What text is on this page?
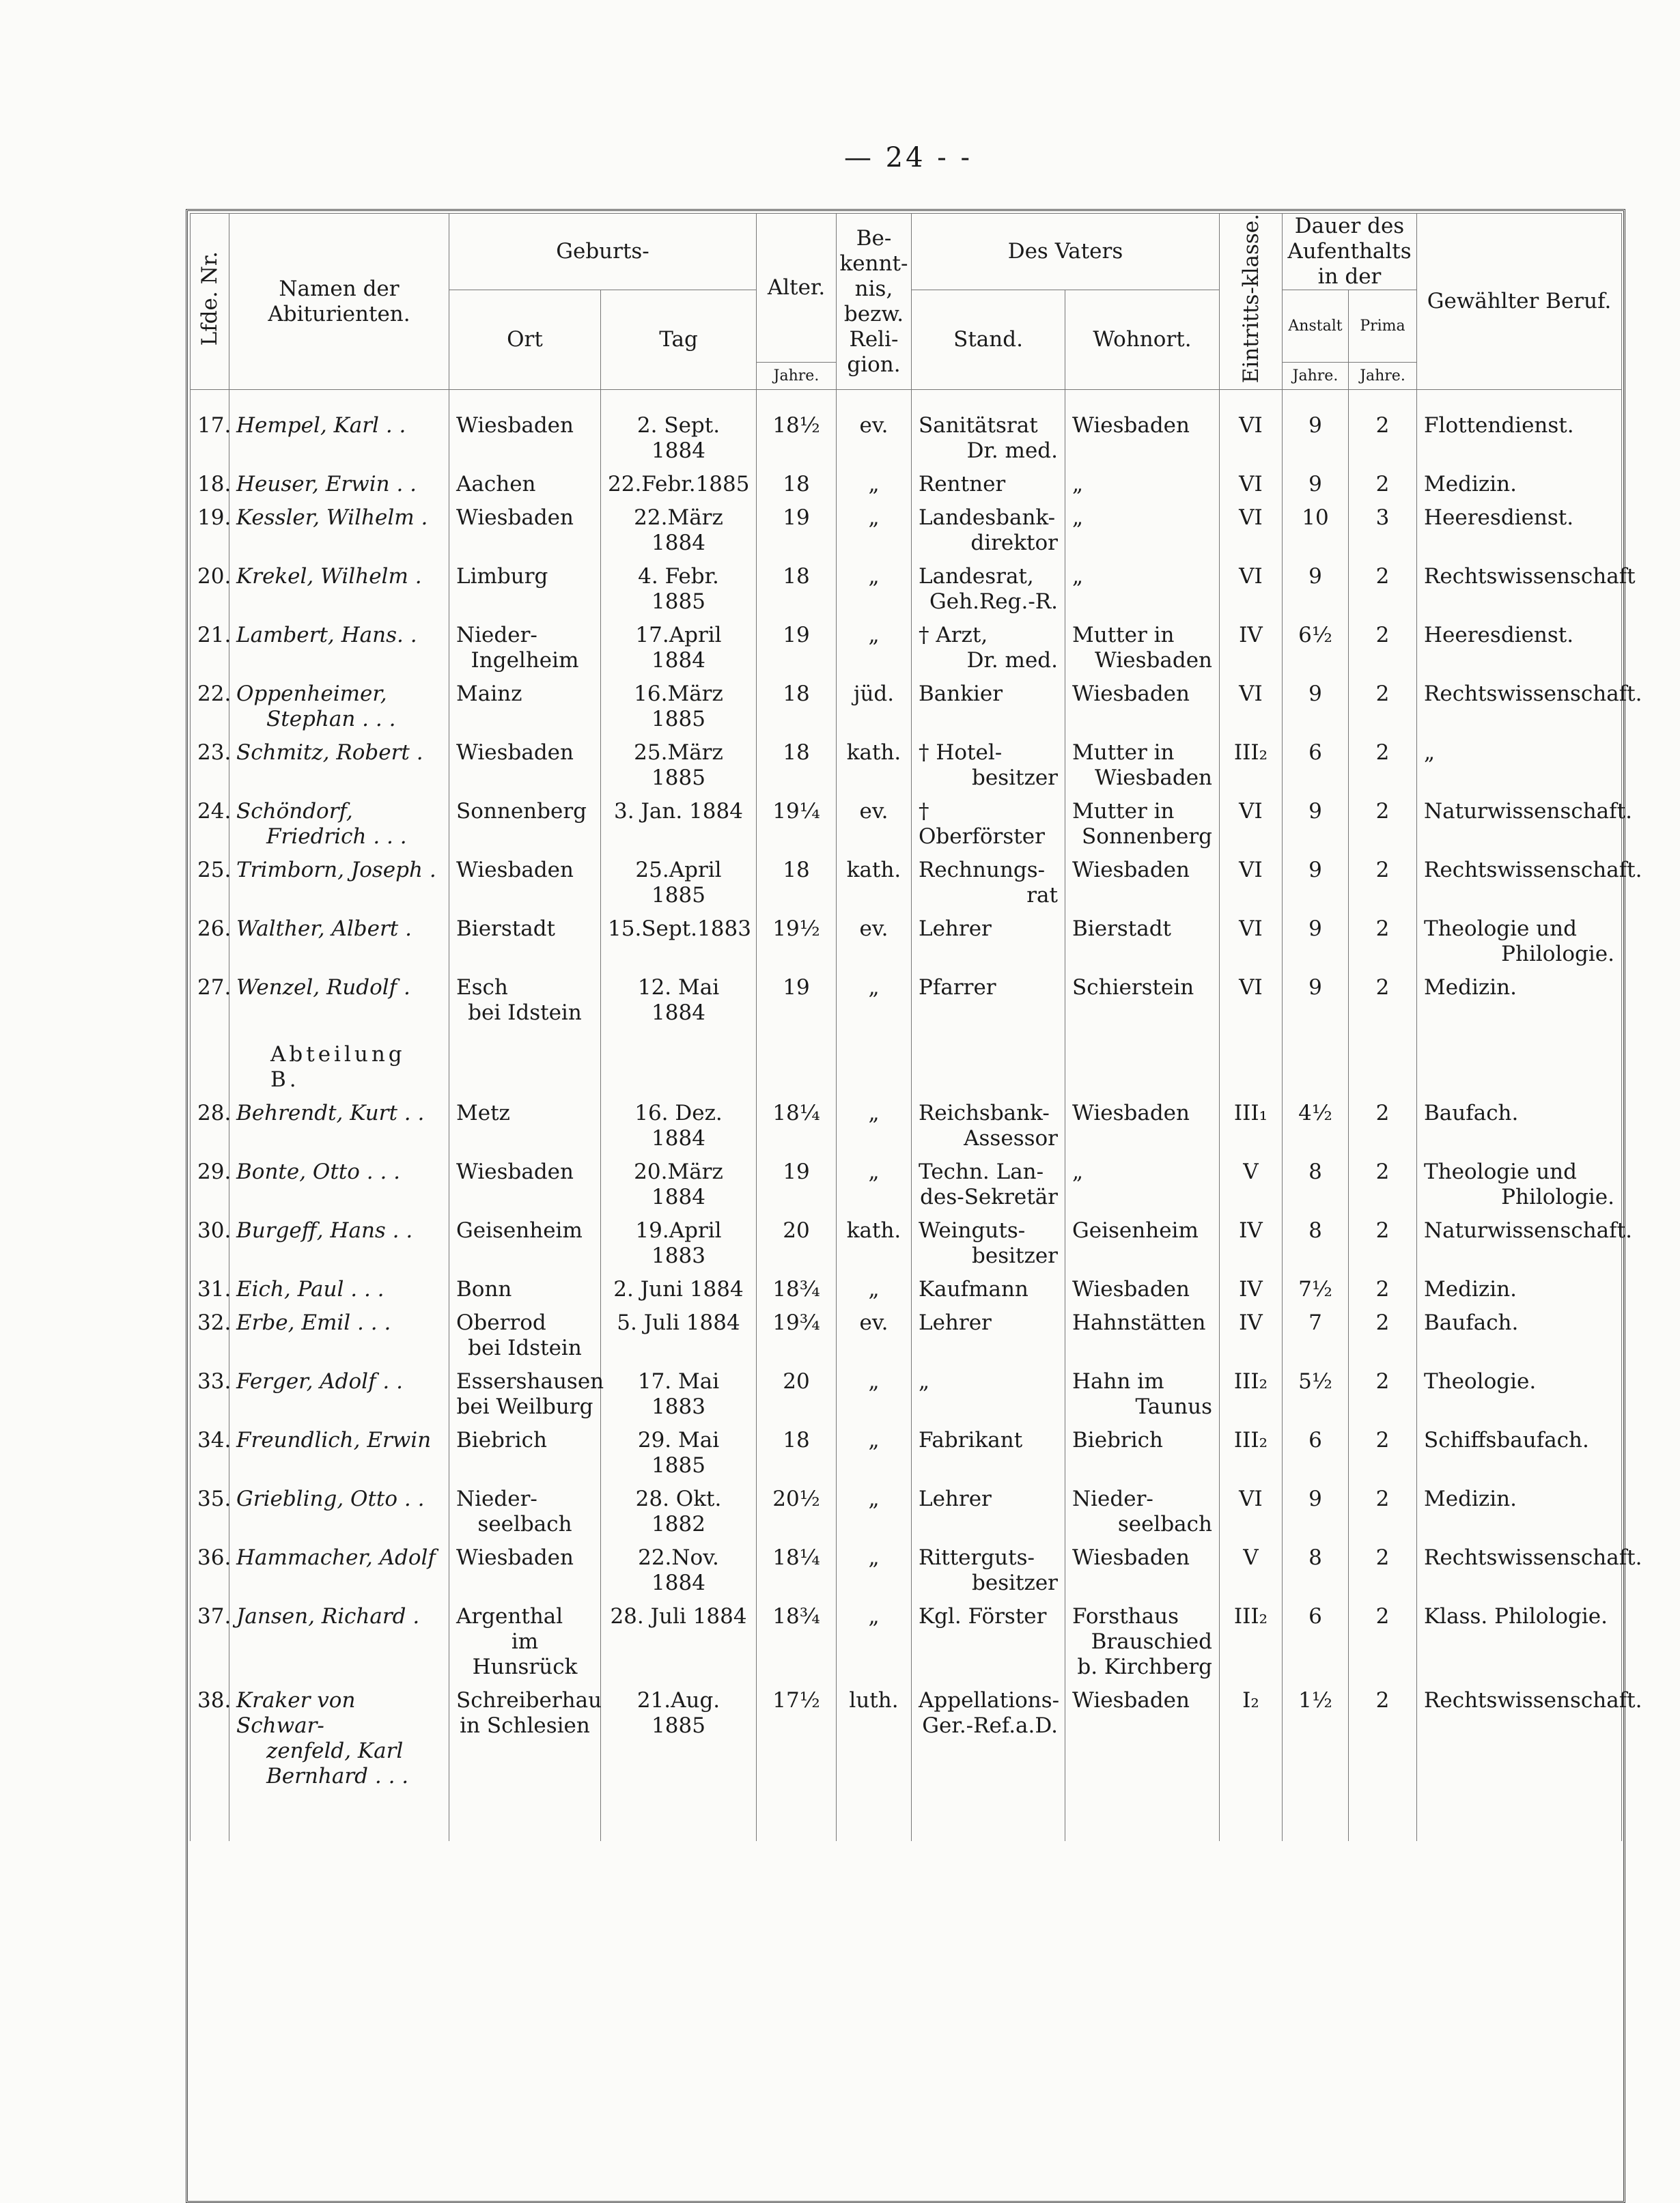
— 24 - -
Lfde. Nr.	Namen der Abiturienten.	Geburts-		Alter.	Be-kennt-nis, bezw. Reli-gion.	Des Vaters		Eintritts-klasse.	Dauer des Aufenthalts in der		Gewählter Beruf.
		Ort	Tag			Stand.	Wohnort.		Anstalt	Prima	
				Jahre.					Jahre.	Jahre.	

17.	Hempel, Karl . .	Wiesbaden	2. Sept. 1884	18½	ev.	Sanitätsrat
Dr. med.	Wiesbaden	VI	9	2	Flottendienst.

18.	Heuser, Erwin . .	Aachen	22.Febr.1885	18	„	Rentner	„	VI	9	2	Medizin.

19.	Kessler, Wilhelm .	Wiesbaden	22.März 1884	19	„	Landesbank-
direktor	„	VI	10	3	Heeresdienst.

20.	Krekel, Wilhelm .	Limburg	4. Febr. 1885	18	„	Landesrat,
Geh.Reg.-R.	„	VI	9	2	Rechtswissenschaft

21.	Lambert, Hans. .	Nieder-
Ingelheim	17.April 1884	19	„	† Arzt,
Dr. med.	Mutter in
Wiesbaden	IV	6½	2	Heeresdienst.

22.	Oppenheimer,
Stephan . . .	Mainz	16.März 1885	18	jüd.	Bankier	Wiesbaden	VI	9	2	Rechtswissenschaft.

23.	Schmitz, Robert .	Wiesbaden	25.März 1885	18	kath.	† Hotel-
besitzer	Mutter in
Wiesbaden	III₂	6	2	„

24.	Schöndorf,
Friedrich . . .	Sonnenberg	3. Jan. 1884	19¼	ev.	† Oberförster	Mutter in
Sonnenberg	VI	9	2	Naturwissenschaft.

25.	Trimborn, Joseph .	Wiesbaden	25.April 1885	18	kath.	Rechnungs-
rat	Wiesbaden	VI	9	2	Rechtswissenschaft.

26.	Walther, Albert .	Bierstadt	15.Sept.1883	19½	ev.	Lehrer	Bierstadt	VI	9	2	Theologie und
Philologie.

27.	Wenzel, Rudolf .	Esch
bei Idstein	12. Mai 1884	19	„	Pfarrer	Schierstein	VI	9	2	Medizin.

	Abteilung B.										

28.	Behrendt, Kurt . .	Metz	16. Dez. 1884	18¼	„	Reichsbank-
Assessor	Wiesbaden	III₁	4½	2	Baufach.

29.	Bonte, Otto . . .	Wiesbaden	20.März 1884	19	„	Techn. Lan-
des-Sekretär	„	V	8	2	Theologie und
Philologie.

30.	Burgeff, Hans . .	Geisenheim	19.April 1883	20	kath.	Weinguts-
besitzer	Geisenheim	IV	8	2	Naturwissenschaft.

31.	Eich, Paul . . .	Bonn	2. Juni 1884	18¾	„	Kaufmann	Wiesbaden	IV	7½	2	Medizin.

32.	Erbe, Emil . . .	Oberrod
bei Idstein	5. Juli 1884	19¾	ev.	Lehrer	Hahnstätten	IV	7	2	Baufach.

33.	Ferger, Adolf . .	Essershausen
bei Weilburg	17. Mai 1883	20	„	„	Hahn im
Taunus	III₂	5½	2	Theologie.

34.	Freundlich, Erwin	Biebrich	29. Mai 1885	18	„	Fabrikant	Biebrich	III₂	6	2	Schiffsbaufach.

35.	Griebling, Otto . .	Nieder-
seelbach	28. Okt. 1882	20½	„	Lehrer	Nieder-
seelbach	VI	9	2	Medizin.

36.	Hammacher, Adolf	Wiesbaden	22.Nov. 1884	18¼	„	Ritterguts-
besitzer	Wiesbaden	V	8	2	Rechtswissenschaft.

37.	Jansen, Richard .	Argenthal
im Hunsrück	28. Juli 1884	18¾	„	Kgl. Förster	Forsthaus
Brauschied
b. Kirchberg	III₂	6	2	Klass. Philologie.

38.	Kraker von Schwar-
zenfeld, Karl
Bernhard . . .	Schreiberhau
in Schlesien	21.Aug. 1885	17½	luth.	Appellations-
Ger.-Ref.a.D.	Wiesbaden	I₂	1½	2	Rechtswissenschaft.
